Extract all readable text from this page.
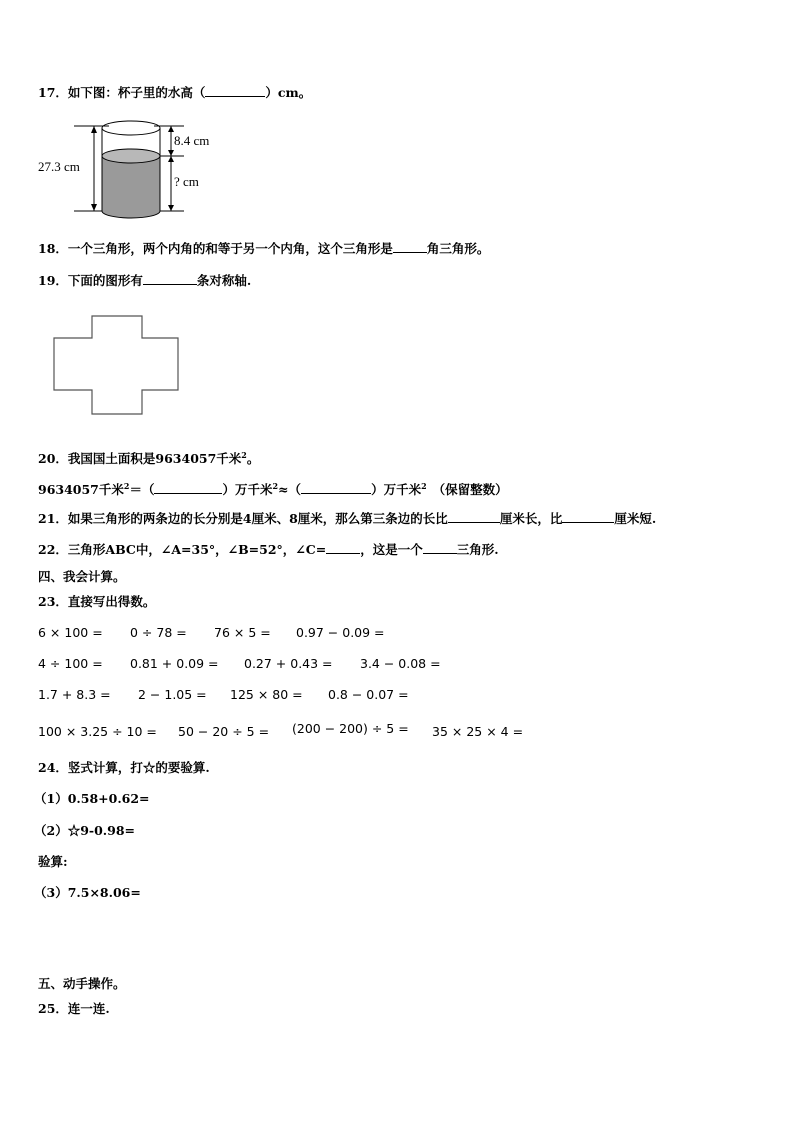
17．如下图：杯子里的水高（	）cm。
27.3 cm
8.4 cm
? cm
18．一个三角形，两个内角的和等于另一个内角，这个三角形是	角三角形。
19．下面的图形有	条对称轴.
20．我国国土面积是9634057千米$^2$。
9634057千米$^2$＝（	）万千米$^2$≈（	）万千米$^2$ （保留整数）
21．如果三角形的两条边的长分别是4厘米、8厘米，那么第三条边的长比	厘米长，比	厘米短.
22．三角形ABC中，∠A=35°，∠B=52°，∠C=	，这是一个	三角形.
四、我会计算。
23．直接写出得数。
6 × 100 = 0 ÷ 78 = 76 × 5 = 0.97 − 0.09 =
4 ÷ 100 = 0.81 + 0.09 = 0.27 + 0.43 = 3.4 − 0.08 =
1.7 + 8.3 = 2 − 1.05 = 125 × 80 = 0.8 − 0.07 =
100 × 3.25 ÷ 10 = 50 − 20 ÷ 5 = (200 − 200) ÷ 5 = 35 × 25 × 4 =
24．竖式计算，打☆的要验算.
（1）0.58+0.62=
（2）☆9-0.98=
验算:
（3）7.5×8.06=
五、动手操作。
25．连一连.
